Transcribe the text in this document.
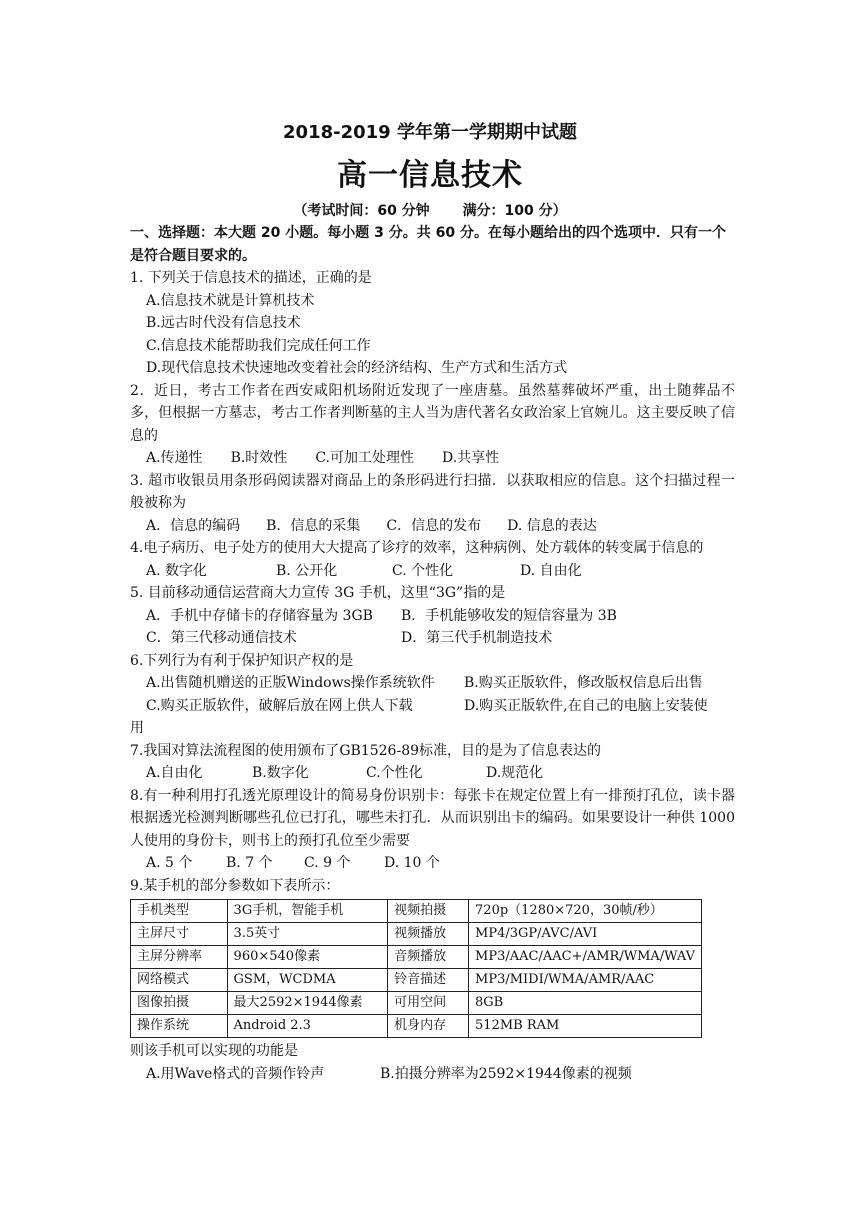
2018-2019 学年第一学期期中试题
高一信息技术
（考试时间：60 分钟 满分：100 分）

一、选择题：本大题 20 小题。每小题 3 分。共 60 分。在每小题给出的四个选项中．只有一个是符合题目要求的。

1. 下列关于信息技术的描述，正确的是

A.信息技术就是计算机技术

B.远古时代没有信息技术

C.信息技术能帮助我们完成任何工作

D.现代信息技术快速地改变着社会的经济结构、生产方式和生活方式

2．近日，考古工作者在西安咸阳机场附近发现了一座唐墓。虽然墓葬破坏严重，出土随葬品不多，但根据一方墓志，考古工作者判断墓的主人当为唐代著名女政治家上官婉儿。这主要反映了信息的

A.传递性 B.时效性 C.可加工处理性 D.共享性

3. 超市收银员用条形码阅读器对商品上的条形码进行扫描．以获取相应的信息。这个扫描过程一般被称为

A．信息的编码 B．信息的采集 C．信息的发布 D. 信息的表达

4.电子病历、电子处方的使用大大提高了诊疗的效率，这种病例、处方载体的转变属于信息的

A. 数字化	B. 公开化	C. 个性化	D. 自由化

5. 目前移动通信运营商大力宣传 3G 手机，这里“3G”指的是

A．手机中存储卡的存储容量为 3GB B．手机能够收发的短信容量为 3B

C．第三代移动通信技术	D．第三代手机制造技术

6.下列行为有利于保护知识产权的是

A.出售随机赠送的正版Windows操作系统软件 B.购买正版软件，修改版权信息后出售

C.购买正版软件，破解后放在网上供人下载	D.购买正版软件,在自己的电脑上安装使

用

7.我国对算法流程图的使用颁布了GB1526-89标准，目的是为了信息表达的

A.自由化	B.数字化	C.个性化	D.规范化

8.有一种利用打孔透光原理设计的简易身份识别卡：每张卡在规定位置上有一排预打孔位，读卡器根据透光检测判断哪些孔位已打孔，哪些未打孔．从而识别出卡的编码。如果要设计一种供 1000 人使用的身份卡，则书上的预打孔位至少需要

A. 5 个 B. 7 个 C. 9 个 D. 10 个

9.某手机的部分参数如下表所示：

手机类型	3G手机，智能手机	视频拍摄	720p（1280×720，30帧/秒）
主屏尺寸	3.5英寸	视频播放	MP4/3GP/AVC/AVI
主屏分辨率	960×540像素	音频播放	MP3/AAC/AAC+/AMR/WMA/WAV
网络模式	GSM，WCDMA	铃音描述	MP3/MIDI/WMA/AMR/AAC
图像拍摄	最大2592×1944像素	可用空间	8GB
操作系统	Android 2.3	机身内存	512MB RAM

则该手机可以实现的功能是

A.用Wave格式的音频作铃声	B.拍摄分辨率为2592×1944像素的视频
